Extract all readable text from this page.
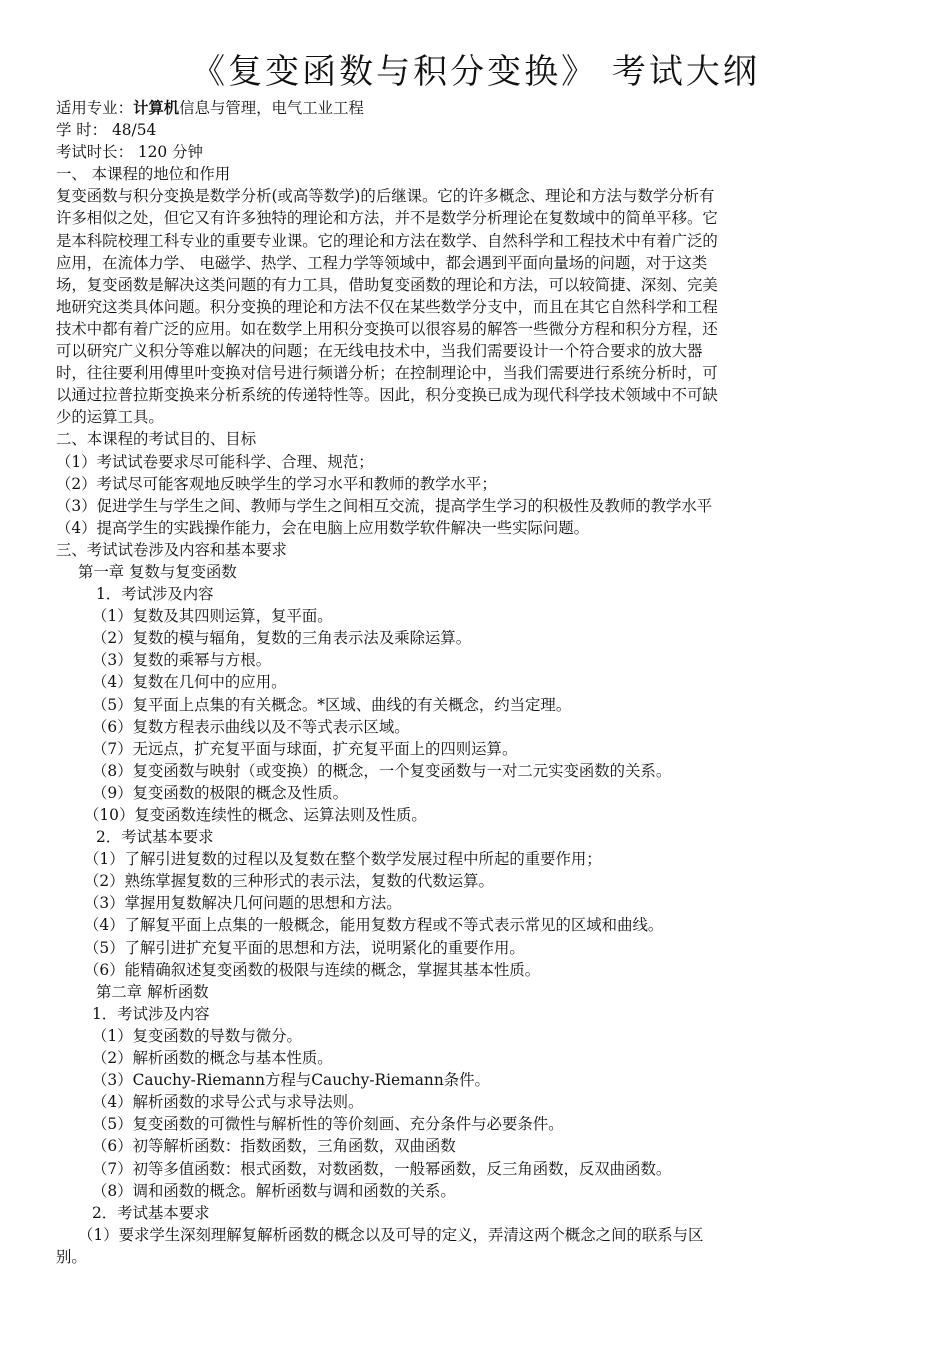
《复变函数与积分变换》 考试大纲
适用专业：计算机信息与管理，电气工业工程
学 时： 48/54
考试时长： 120 分钟
一、 本课程的地位和作用
复变函数与积分变换是数学分析(或高等数学)的后继课。它的许多概念、理论和方法与数学分析有
许多相似之处，但它又有许多独特的理论和方法，并不是数学分析理论在复数域中的简单平移。它
是本科院校理工科专业的重要专业课。它的理论和方法在数学、自然科学和工程技术中有着广泛的
应用，在流体力学、 电磁学、热学、工程力学等领域中，都会遇到平面向量场的问题，对于这类
场，复变函数是解决这类问题的有力工具，借助复变函数的理论和方法，可以较简捷、深刻、完美
地研究这类具体问题。积分变换的理论和方法不仅在某些数学分支中，而且在其它自然科学和工程
技术中都有着广泛的应用。如在数学上用积分变换可以很容易的解答一些微分方程和积分方程，还
可以研究广义积分等难以解决的问题；在无线电技术中，当我们需要设计一个符合要求的放大器
时，往往要利用傅里叶变换对信号进行频谱分析；在控制理论中，当我们需要进行系统分析时，可
以通过拉普拉斯变换来分析系统的传递特性等。因此，积分变换已成为现代科学技术领域中不可缺
少的运算工具。
二、本课程的考试目的、目标
（1）考试试卷要求尽可能科学、合理、规范；
（2）考试尽可能客观地反映学生的学习水平和教师的教学水平；
（3）促进学生与学生之间、教师与学生之间相互交流，提高学生学习的积极性及教师的教学水平
（4）提高学生的实践操作能力，会在电脑上应用数学软件解决一些实际问题。
三、考试试卷涉及内容和基本要求
第一章 复数与复变函数
1．考试涉及内容
（1）复数及其四则运算，复平面。
（2）复数的模与辐角，复数的三角表示法及乘除运算。
（3）复数的乘幂与方根。
（4）复数在几何中的应用。
（5）复平面上点集的有关概念。*区域、曲线的有关概念，约当定理。
（6）复数方程表示曲线以及不等式表示区域。
（7）无远点，扩充复平面与球面，扩充复平面上的四则运算。
（8）复变函数与映射（或变换）的概念，一个复变函数与一对二元实变函数的关系。
（9）复变函数的极限的概念及性质。
（10）复变函数连续性的概念、运算法则及性质。
2．考试基本要求
（1）了解引进复数的过程以及复数在整个数学发展过程中所起的重要作用；
（2）熟练掌握复数的三种形式的表示法，复数的代数运算。
（3）掌握用复数解决几何问题的思想和方法。
（4）了解复平面上点集的一般概念，能用复数方程或不等式表示常见的区域和曲线。
（5）了解引进扩充复平面的思想和方法，说明紧化的重要作用。
（6）能精确叙述复变函数的极限与连续的概念，掌握其基本性质。
第二章 解析函数
1．考试涉及内容
（1）复变函数的导数与微分。
（2）解析函数的概念与基本性质。
（3）Cauchy-Riemann方程与Cauchy-Riemann条件。
（4）解析函数的求导公式与求导法则。
（5）复变函数的可微性与解析性的等价刻画、充分条件与必要条件。
（6）初等解析函数：指数函数，三角函数，双曲函数
（7）初等多值函数：根式函数，对数函数，一般幂函数，反三角函数，反双曲函数。
（8）调和函数的概念。解析函数与调和函数的关系。
2．考试基本要求
（1）要求学生深刻理解复解析函数的概念以及可导的定义，弄清这两个概念之间的联系与区
别。
